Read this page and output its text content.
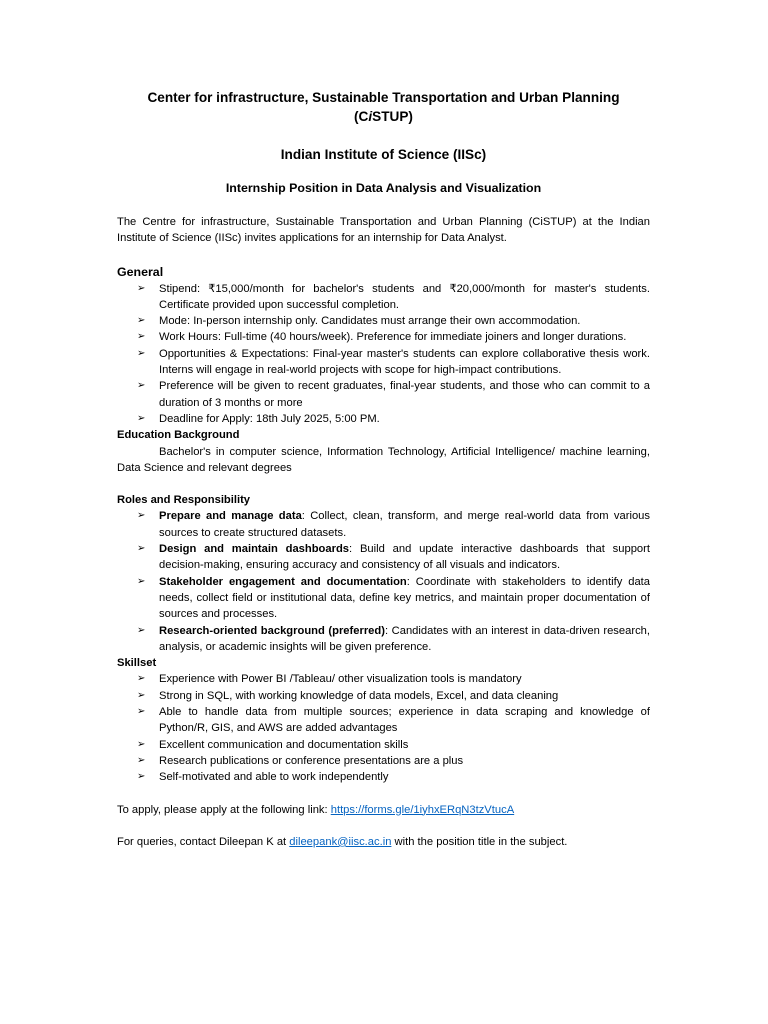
Center for infrastructure, Sustainable Transportation and Urban Planning
(CiSTUP)

Indian Institute of Science (IISc)

Internship Position in Data Analysis and Visualization

The Centre for infrastructure, Sustainable Transportation and Urban Planning (CiSTUP) at the Indian Institute of Science (IISc) invites applications for an internship for Data Analyst.

General

➢ Stipend: ₹15,000/month for bachelor's students and ₹20,000/month for master's students. Certificate provided upon successful completion.
➢ Mode: In-person internship only. Candidates must arrange their own accommodation.
➢ Work Hours: Full-time (40 hours/week). Preference for immediate joiners and longer durations.
➢ Opportunities & Expectations: Final-year master's students can explore collaborative thesis work. Interns will engage in real-world projects with scope for high-impact contributions.
➢ Preference will be given to recent graduates, final-year students, and those who can commit to a duration of 3 months or more
➢ Deadline for Apply: 18th July 2025, 5:00 PM.

Education Background

Bachelor's in computer science, Information Technology, Artificial Intelligence/ machine learning, Data Science and relevant degrees

Roles and Responsibility

➢ Prepare and manage data: Collect, clean, transform, and merge real-world data from various sources to create structured datasets.
➢ Design and maintain dashboards: Build and update interactive dashboards that support decision-making, ensuring accuracy and consistency of all visuals and indicators.
➢ Stakeholder engagement and documentation: Coordinate with stakeholders to identify data needs, collect field or institutional data, define key metrics, and maintain proper documentation of sources and processes.
➢ Research-oriented background (preferred): Candidates with an interest in data-driven research, analysis, or academic insights will be given preference.

Skillset

➢ Experience with Power BI /Tableau/ other visualization tools is mandatory
➢ Strong in SQL, with working knowledge of data models, Excel, and data cleaning
➢ Able to handle data from multiple sources; experience in data scraping and knowledge of Python/R, GIS, and AWS are added advantages
➢ Excellent communication and documentation skills
➢ Research publications or conference presentations are a plus
➢ Self-motivated and able to work independently

To apply, please apply at the following link: https://forms.gle/1iyhxERqN3tzVtucA

For queries, contact Dileepan K at dileepank@iisc.ac.in with the position title in the subject.
